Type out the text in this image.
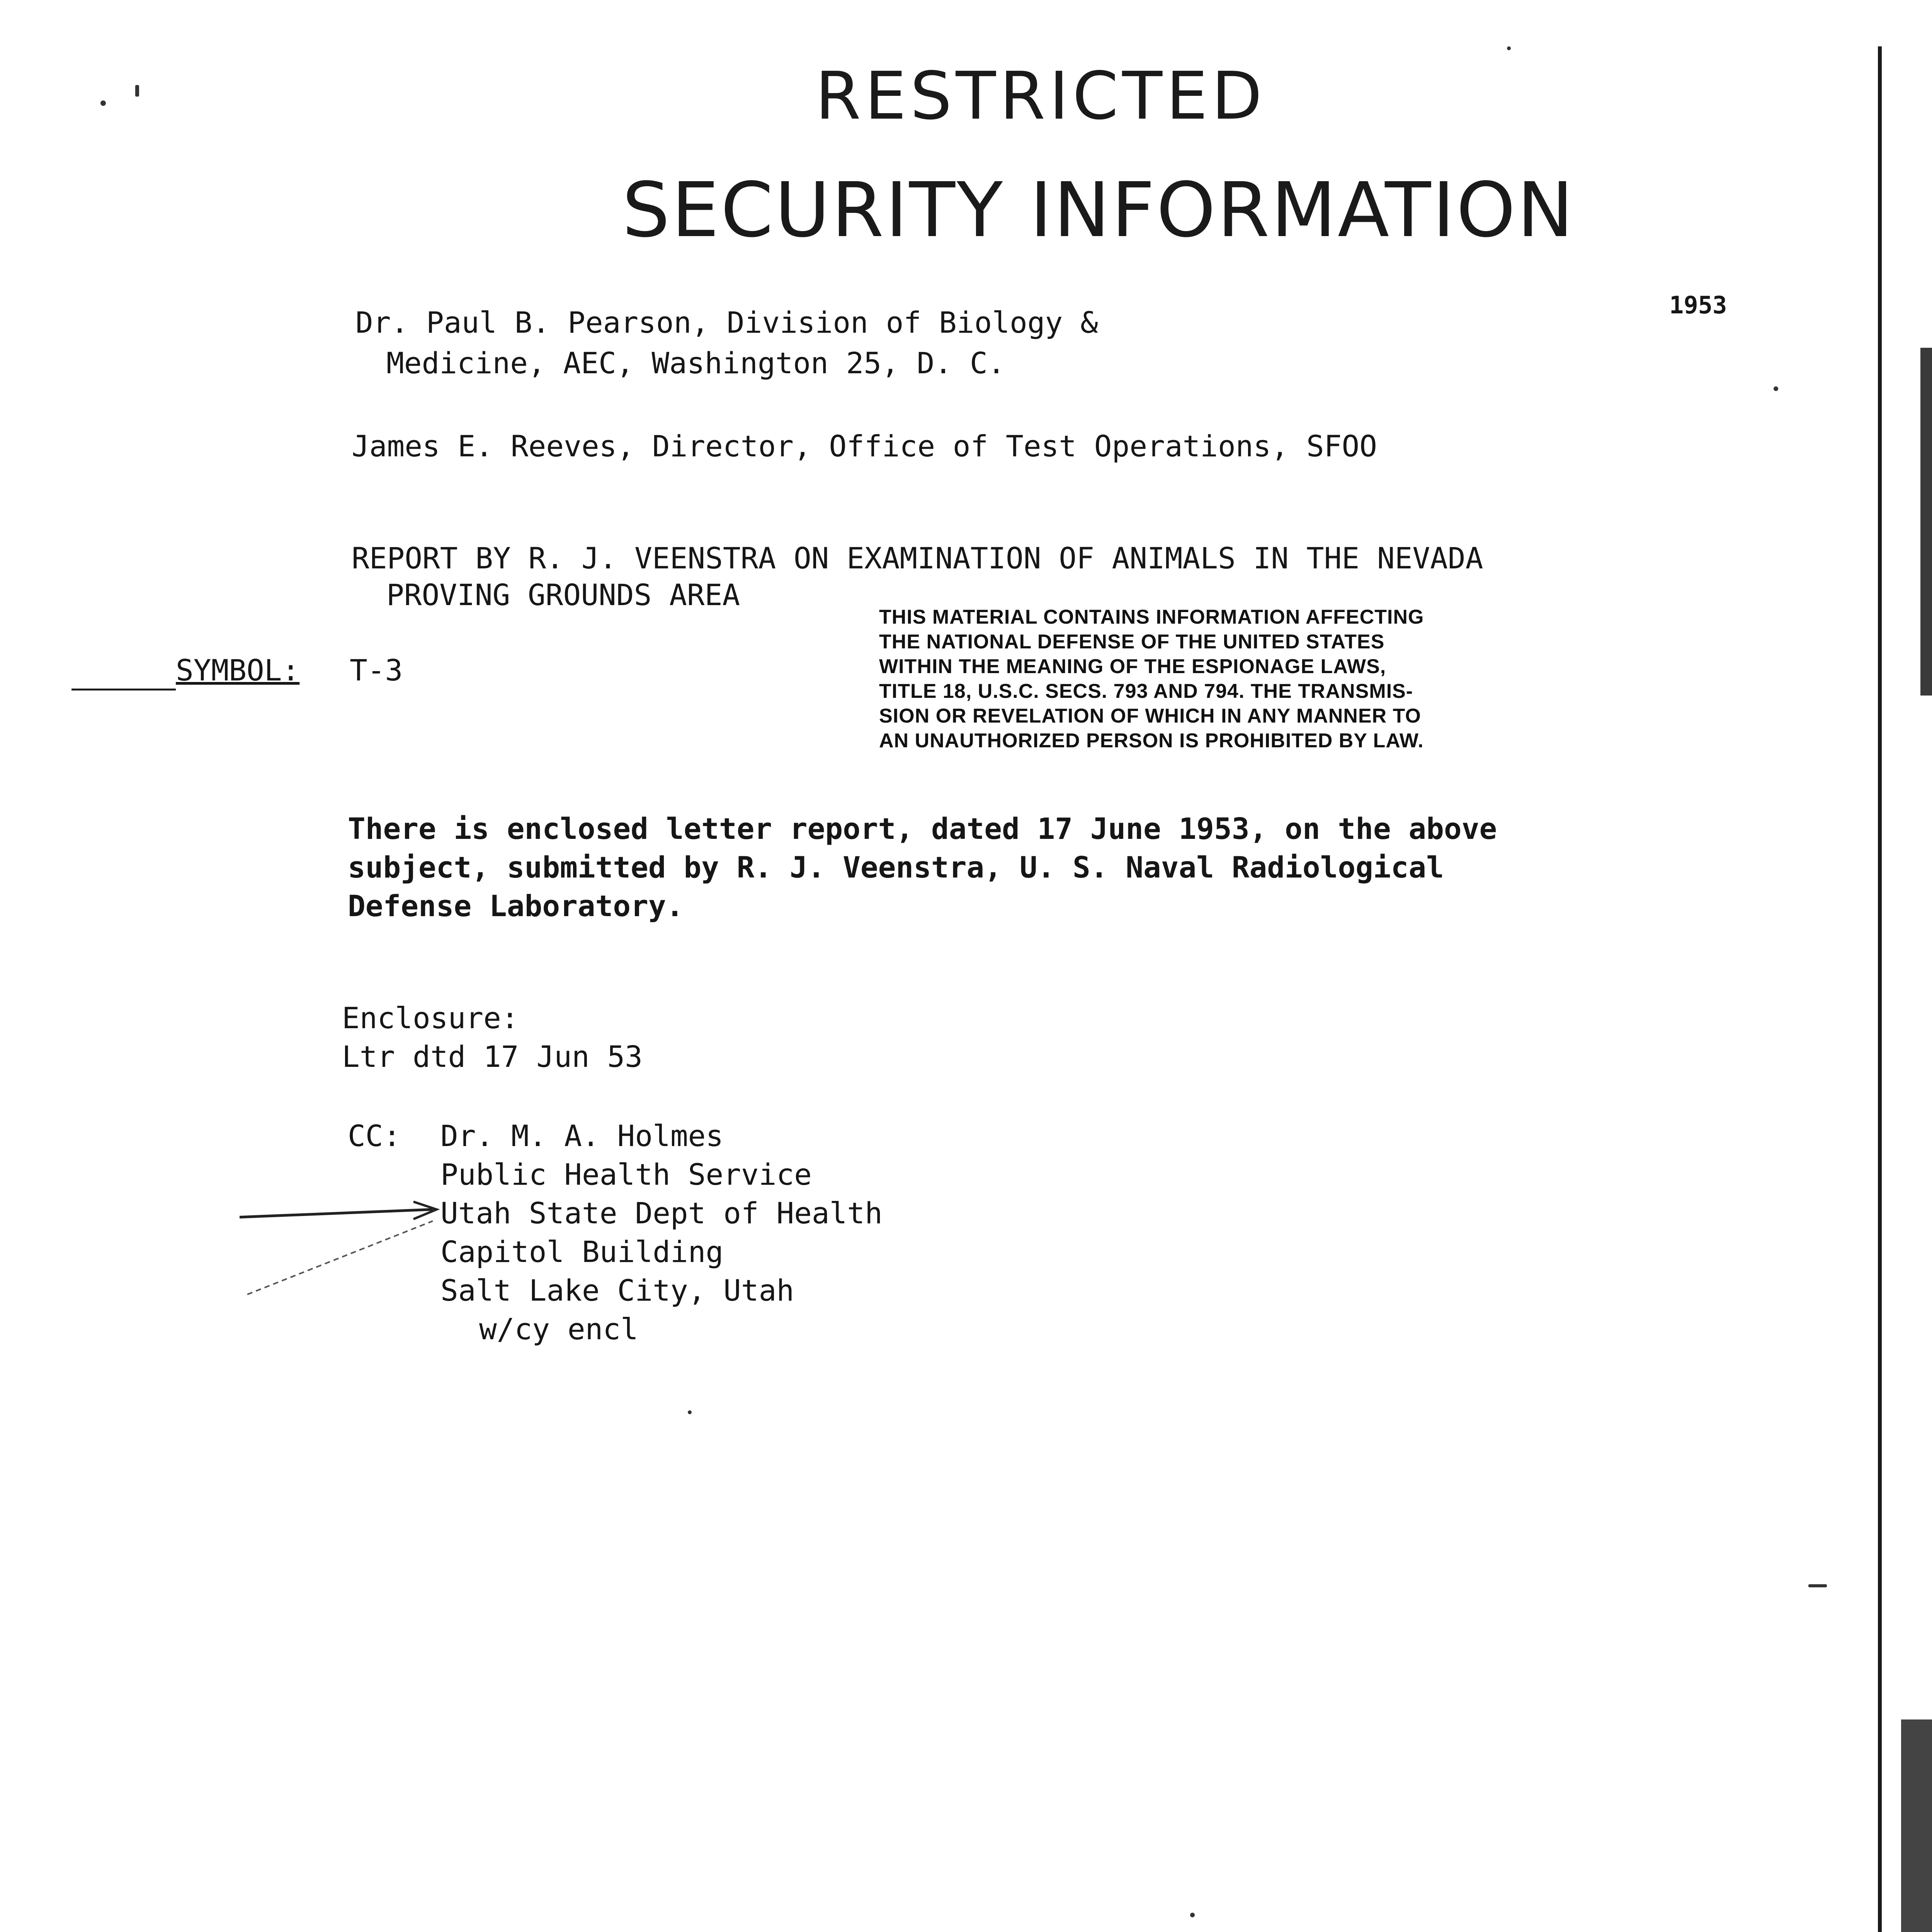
RESTRICTED
SECURITY INFORMATION
1953
Dr. Paul B. Pearson, Division of Biology &
Medicine, AEC, Washington 25, D. C.
James E. Reeves, Director, Office of Test Operations, SFOO
REPORT BY R. J. VEENSTRA ON EXAMINATION OF ANIMALS IN THE NEVADA
PROVING GROUNDS AREA
SYMBOL: T-3
THIS MATERIAL CONTAINS INFORMATION AFFECTING
THE NATIONAL DEFENSE OF THE UNITED STATES
WITHIN THE MEANING OF THE ESPIONAGE LAWS,
TITLE 18, U.S.C. SECS. 793 AND 794. THE TRANSMIS-
SION OR REVELATION OF WHICH IN ANY MANNER TO
AN UNAUTHORIZED PERSON IS PROHIBITED BY LAW.
There is enclosed letter report, dated 17 June 1953, on the above
subject, submitted by R. J. Veenstra, U. S. Naval Radiological
Defense Laboratory.
Enclosure:
Ltr dtd 17 Jun 53
CC: Dr. M. A. Holmes
Public Health Service
Utah State Dept of Health
Capitol Building
Salt Lake City, Utah
w/cy encl
